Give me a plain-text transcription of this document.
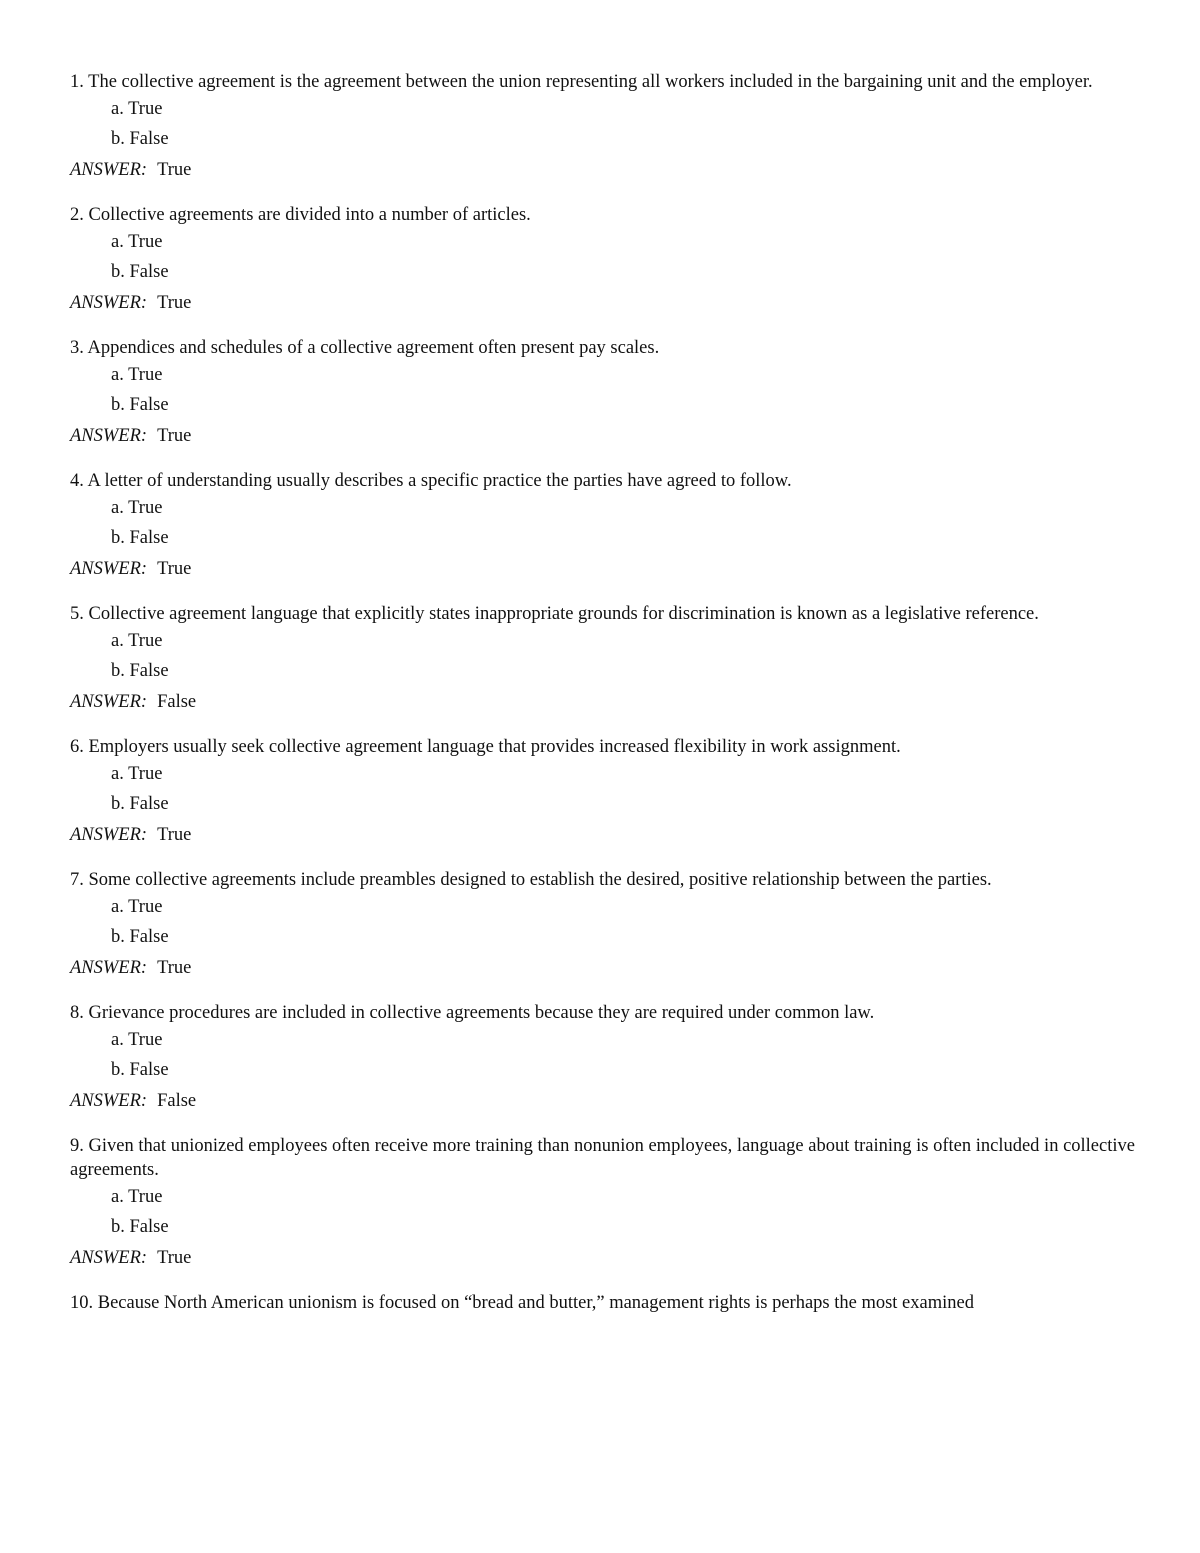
1. The collective agreement is the agreement between the union representing all workers included in the bargaining unit and the employer.

a. True
b. False
ANSWER: True

2. Collective agreements are divided into a number of articles.

a. True
b. False
ANSWER: True

3. Appendices and schedules of a collective agreement often present pay scales.

a. True
b. False
ANSWER: True

4. A letter of understanding usually describes a specific practice the parties have agreed to follow.

a. True
b. False
ANSWER: True

5. Collective agreement language that explicitly states inappropriate grounds for discrimination is known as a legislative reference.

a. True
b. False
ANSWER: False

6. Employers usually seek collective agreement language that provides increased flexibility in work assignment.

a. True
b. False
ANSWER: True

7. Some collective agreements include preambles designed to establish the desired, positive relationship between the parties.

a. True
b. False
ANSWER: True

8. Grievance procedures are included in collective agreements because they are required under common law.

a. True
b. False
ANSWER: False

9. Given that unionized employees often receive more training than nonunion employees, language about training is often included in collective agreements.

a. True
b. False
ANSWER: True

10. Because North American unionism is focused on “bread and butter,” management rights is perhaps the most examined
